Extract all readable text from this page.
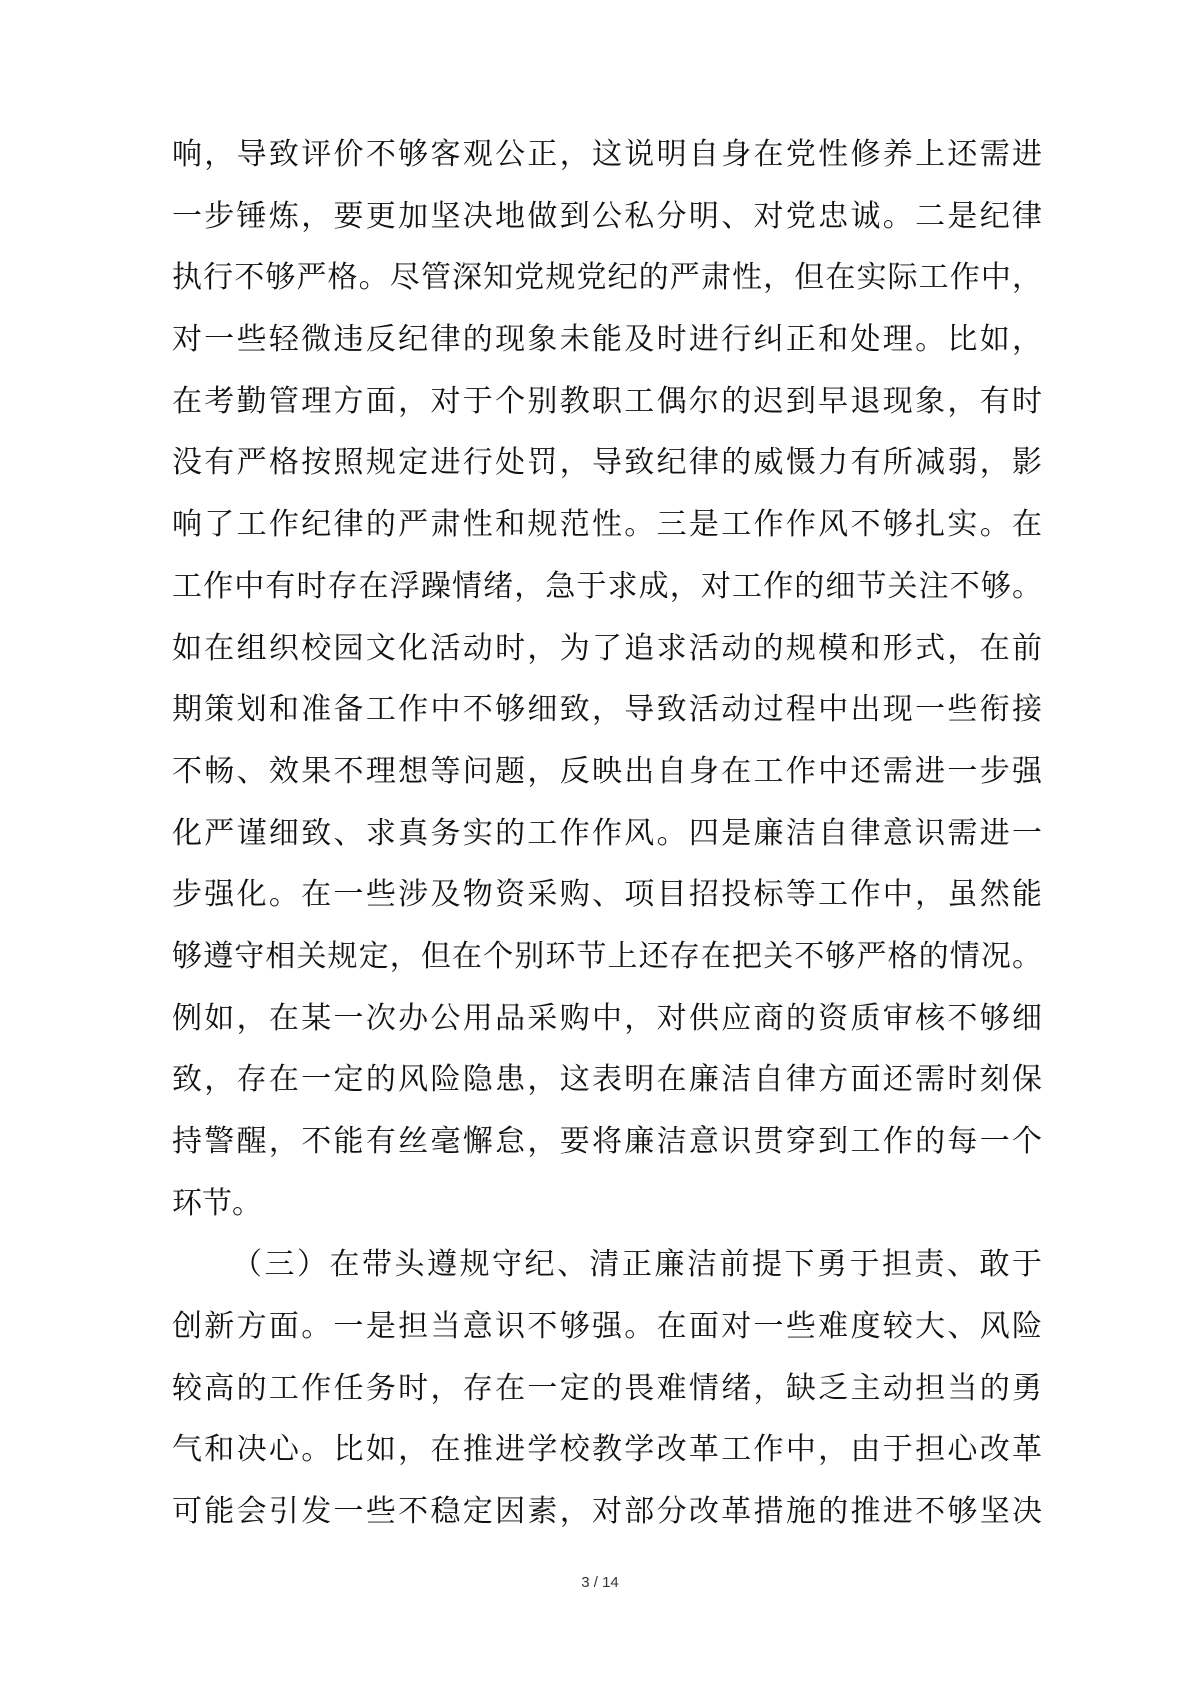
响，导致评价不够客观公正，这说明自身在党性修养上还需进
一步锤炼，要更加坚决地做到公私分明、对党忠诚。二是纪律
执行不够严格。尽管深知党规党纪的严肃性，但在实际工作中，
对一些轻微违反纪律的现象未能及时进行纠正和处理。比如，
在考勤管理方面，对于个别教职工偶尔的迟到早退现象，有时
没有严格按照规定进行处罚，导致纪律的威慑力有所减弱，影
响了工作纪律的严肃性和规范性。三是工作作风不够扎实。在
工作中有时存在浮躁情绪，急于求成，对工作的细节关注不够。
如在组织校园文化活动时，为了追求活动的规模和形式，在前
期策划和准备工作中不够细致，导致活动过程中出现一些衔接
不畅、效果不理想等问题，反映出自身在工作中还需进一步强
化严谨细致、求真务实的工作作风。四是廉洁自律意识需进一
步强化。在一些涉及物资采购、项目招投标等工作中，虽然能
够遵守相关规定，但在个别环节上还存在把关不够严格的情况。
例如，在某一次办公用品采购中，对供应商的资质审核不够细
致，存在一定的风险隐患，这表明在廉洁自律方面还需时刻保
持警醒，不能有丝毫懈怠，要将廉洁意识贯穿到工作的每一个
环节。
（三）在带头遵规守纪、清正廉洁前提下勇于担责、敢于
创新方面。一是担当意识不够强。在面对一些难度较大、风险
较高的工作任务时，存在一定的畏难情绪，缺乏主动担当的勇
气和决心。比如，在推进学校教学改革工作中，由于担心改革
可能会引发一些不稳定因素，对部分改革措施的推进不够坚决
3 / 14
